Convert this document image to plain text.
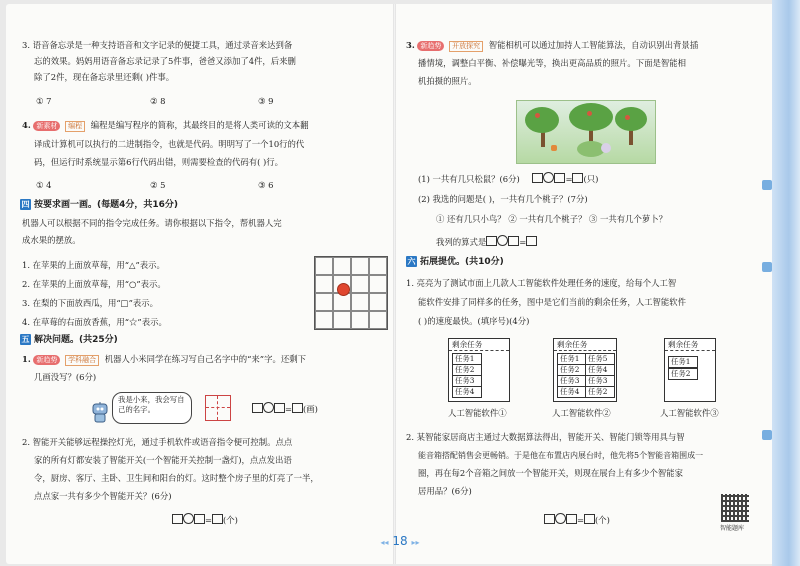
3. 语音备忘录是一种支持语音和文字记录的便捷工具，通过录音来达到备
忘的效果。妈妈用语音备忘录记录了5件事，爸爸又添加了4件，后来删
除了2件，现在备忘录里还剩( )件事。
① 7	② 8	③ 9
4. 新素材 编程 编程是编写程序的简称，其最终目的是将人类可读的文本翻
译成计算机可以执行的二进制指令，也就是代码。明明写了一个10行的代
码，但运行时系统显示第6行代码出错，则需要检查的代码有( )行。
① 4	② 5	③ 6
四 按要求画一画。(每题4分，共16分)
机器人可以根据不同的指令完成任务。请你根据以下指令，帮机器人完
成水果的摆放。
1. 在苹果的上面放草莓，用“△”表示。
2. 在苹果的上面放草莓，用“○”表示。
3. 在梨的下面放西瓜，用“□”表示。
4. 在草莓的右面放香蕉，用“☆”表示。
五 解决问题。(共25分)
1. 新趋势 学科融合 机器人小米同学在练习写自己名字中的“来”字。还剩下
几画没写？(6分)
我是小来，我会写自己的名字。	= (画)
2. 智能开关能够远程操控灯光，通过手机软件或语音指令便可控制。点点
家的所有灯都安装了智能开关(一个智能开关控制一盏灯)，点点发出语
令，厨房、客厅、主卧、卫生间和阳台的灯。这时整个房子里的灯亮了一半，
点点家一共有多少个智能开关？(6分)
= (个)
3. 新趋势 开放探究 智能相机可以通过加持人工智能算法，自动识别出背景插
播情境，调整白平衡、补偿曝光等，换出更高品质的照片。下面是智能相
机拍摄的照片。
(1) 一共有几只松鼠？(6分)	= (只)
(2) 我选的问题是( )，一共有几个桃子？(7分)
① 还有几只小鸟？ ② 一共有几个桃子？ ③ 一共有几个萝卜？
我列的算式是	=
六 拓展提优。(共10分)
1. 亮亮为了测试市面上几款人工智能软件处理任务的速度，给每个人工智
能软件安排了同样多的任务，图中是它们当前的剩余任务，人工智能软件
( )的速度最快。(填序号)(4分)
剩余任务
任务1
任务2
任务3
任务4
人工智能软件①
剩余任务
任务1	任务5
任务2	任务4
任务3	任务3
任务4	任务2
人工智能软件②
剩余任务
任务1
任务2
人工智能软件③
2. 某智能家居商店主通过大数据算法得出，智能开关、智能门锁等用具与智
能音箱搭配销售会更畅销。于是他在布置店内展台时，他先将5个智能音箱围成一
圈，再在每2个音箱之间放一个智能开关，则现在展台上有多少个智能家
居用品？(6分)
= (个)
智能题库
◂◂ 18 ▸▸
